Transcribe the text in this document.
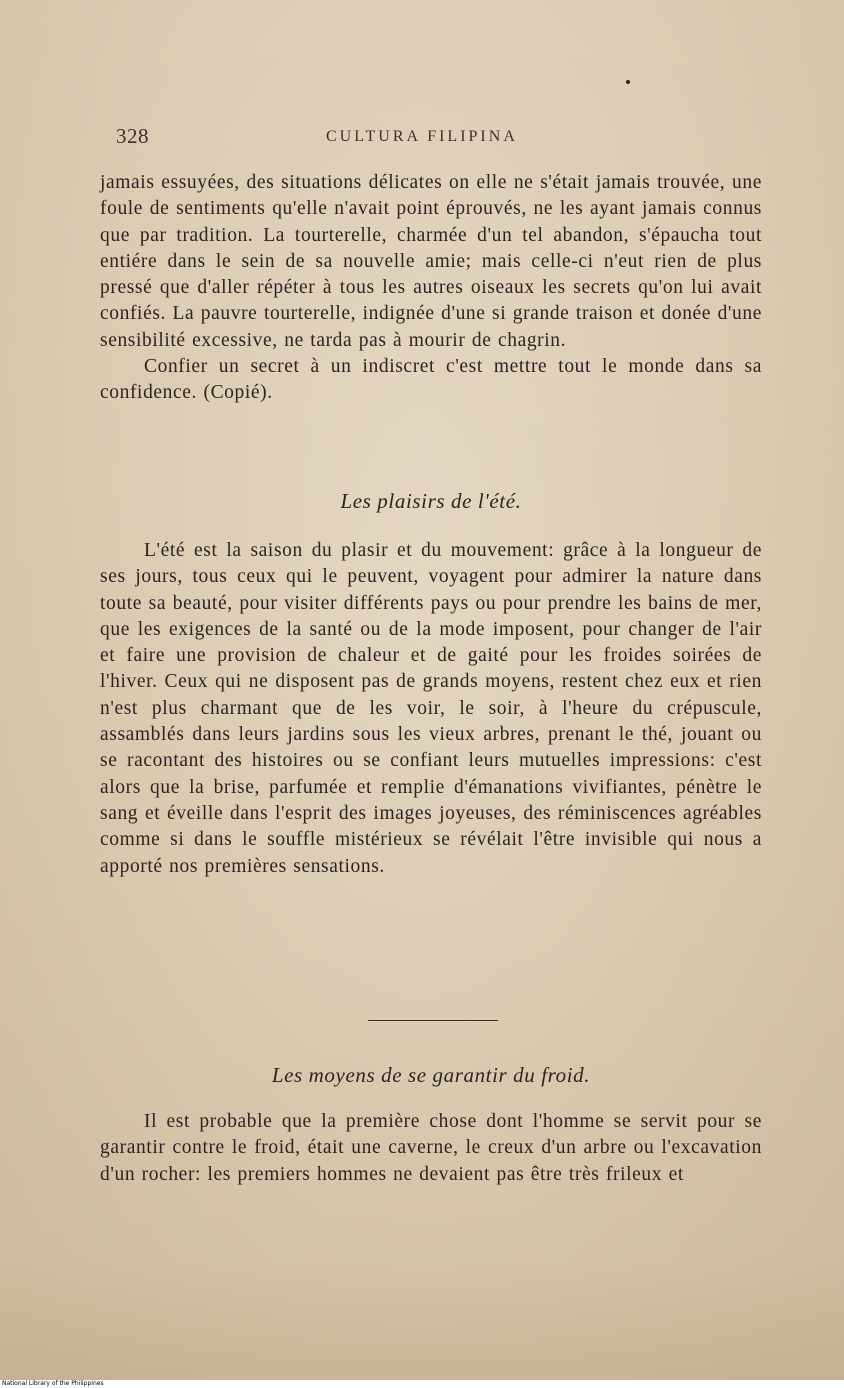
328	CULTURA FILIPINA

jamais essuyées, des situations délicates on elle ne s'était jamais trouvée, une foule de sentiments qu'elle n'avait point éprouvés, ne les ayant jamais connus que par tradition. La tourterelle, charmée d'un tel abandon, s'épaucha tout entiére dans le sein de sa nouvelle amie; mais celle-ci n'eut rien de plus pressé que d'aller répéter à tous les autres oiseaux les secrets qu'on lui avait confiés. La pauvre tourterelle, indignée d'une si grande traison et donée d'une sensibilité excessive, ne tarda pas à mourir de chagrin.

Confier un secret à un indiscret c'est mettre tout le monde dans sa confidence. (Copié).

Les plaisirs de l'été.

L'été est la saison du plasir et du mouvement: grâce à la longueur de ses jours, tous ceux qui le peuvent, voyagent pour admirer la nature dans toute sa beauté, pour visiter différents pays ou pour prendre les bains de mer, que les exigences de la santé ou de la mode imposent, pour changer de l'air et faire une provision de chaleur et de gaité pour les froides soirées de l'hiver. Ceux qui ne disposent pas de grands moyens, restent chez eux et rien n'est plus charmant que de les voir, le soir, à l'heure du crépuscule, assamblés dans leurs jardins sous les vieux arbres, prenant le thé, jouant ou se racontant des histoires ou se confiant leurs mutuelles impressions: c'est alors que la brise, parfumée et remplie d'émanations vivifiantes, pénètre le sang et éveille dans l'esprit des images joyeuses, des réminiscences agréables comme si dans le souffle mistérieux se révélait l'être invisible qui nous a apporté nos premières sensations.

Les moyens de se garantir du froid.

Il est probable que la première chose dont l'homme se servit pour se garantir contre le froid, était une caverne, le creux d'un arbre ou l'excavation d'un rocher: les premiers hommes ne devaient pas être très frileux et

National Library of the Philippines
